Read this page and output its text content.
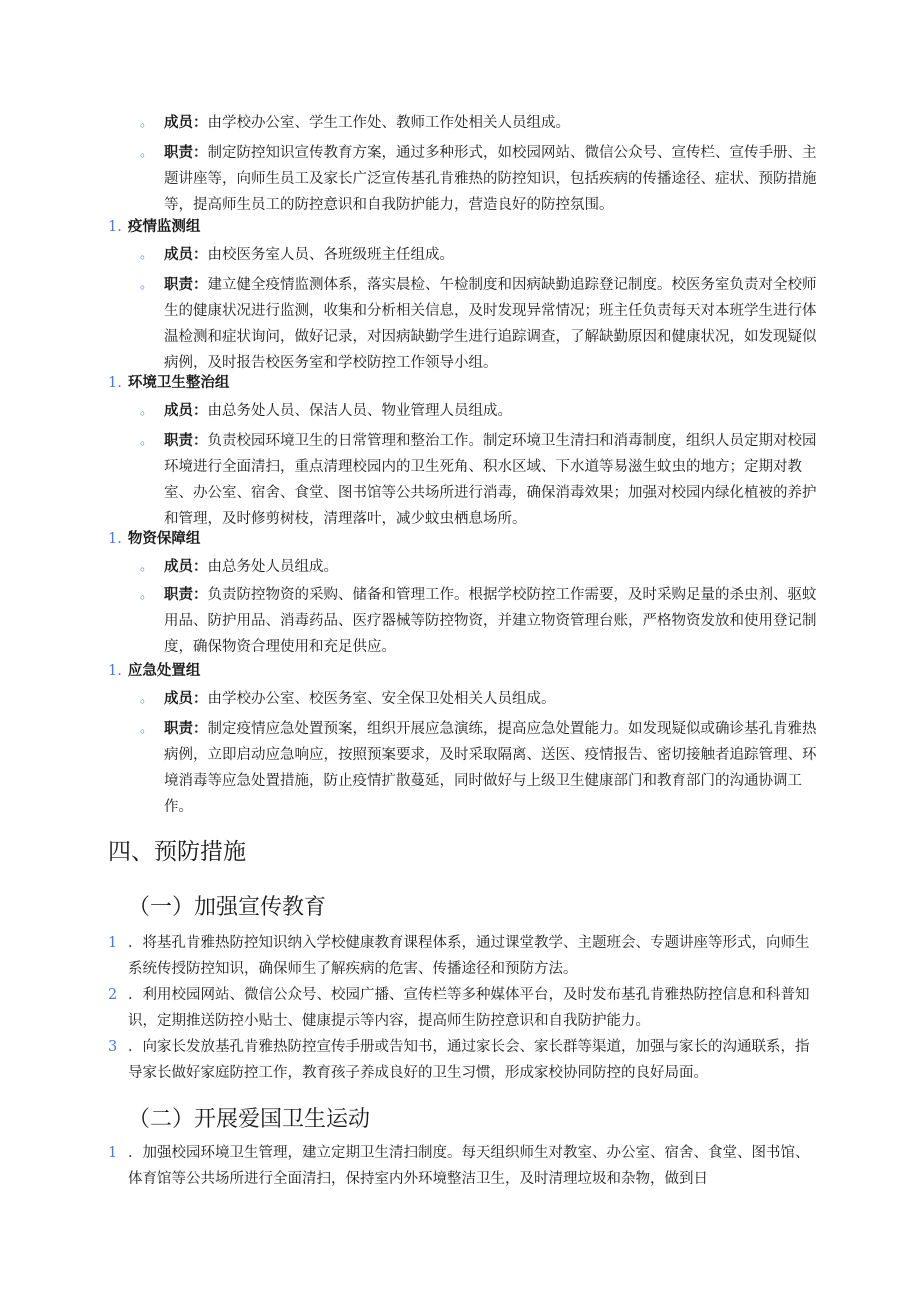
。 成员：由学校办公室、学生工作处、教师工作处相关人员组成。
。 职责：制定防控知识宣传教育方案，通过多种形式，如校园网站、微信公众号、宣传栏、宣传手册、主题讲座等，向师生员工及家长广泛宣传基孔肯雅热的防控知识，包括疾病的传播途径、症状、预防措施等，提高师生员工的防控意识和自我防护能力，营造良好的防控氛围。
1. 疫情监测组
。 成员：由校医务室人员、各班级班主任组成。
。 职责：建立健全疫情监测体系，落实晨检、午检制度和因病缺勤追踪登记制度。校医务室负责对全校师生的健康状况进行监测，收集和分析相关信息，及时发现异常情况；班主任负责每天对本班学生进行体温检测和症状询问，做好记录，对因病缺勤学生进行追踪调查，了解缺勤原因和健康状况，如发现疑似病例，及时报告校医务室和学校防控工作领导小组。
1. 环境卫生整治组
。 成员：由总务处人员、保洁人员、物业管理人员组成。
。 职责：负责校园环境卫生的日常管理和整治工作。制定环境卫生清扫和消毒制度，组织人员定期对校园环境进行全面清扫，重点清理校园内的卫生死角、积水区域、下水道等易滋生蚊虫的地方；定期对教室、办公室、宿舍、食堂、图书馆等公共场所进行消毒，确保消毒效果；加强对校园内绿化植被的养护和管理，及时修剪树枝，清理落叶，减少蚊虫栖息场所。
1. 物资保障组
。 成员：由总务处人员组成。
。 职责：负责防控物资的采购、储备和管理工作。根据学校防控工作需要，及时采购足量的杀虫剂、驱蚊用品、防护用品、消毒药品、医疗器械等防控物资，并建立物资管理台账，严格物资发放和使用登记制度，确保物资合理使用和充足供应。
1. 应急处置组
。 成员：由学校办公室、校医务室、安全保卫处相关人员组成。
。 职责：制定疫情应急处置预案，组织开展应急演练，提高应急处置能力。如发现疑似或确诊基孔肯雅热病例，立即启动应急响应，按照预案要求，及时采取隔离、送医、疫情报告、密切接触者追踪管理、环境消毒等应急处置措施，防止疫情扩散蔓延，同时做好与上级卫生健康部门和教育部门的沟通协调工作。
四、预防措施
（一）加强宣传教育
1 ．将基孔肯雅热防控知识纳入学校健康教育课程体系，通过课堂教学、主题班会、专题讲座等形式，向师生系统传授防控知识，确保师生了解疾病的危害、传播途径和预防方法。
2 ．利用校园网站、微信公众号、校园广播、宣传栏等多种媒体平台，及时发布基孔肯雅热防控信息和科普知识，定期推送防控小贴士、健康提示等内容，提高师生防控意识和自我防护能力。
3 ．向家长发放基孔肯雅热防控宣传手册或告知书，通过家长会、家长群等渠道，加强与家长的沟通联系，指导家长做好家庭防控工作，教育孩子养成良好的卫生习惯，形成家校协同防控的良好局面。
（二）开展爱国卫生运动
1 ．加强校园环境卫生管理，建立定期卫生清扫制度。每天组织师生对教室、办公室、宿舍、食堂、图书馆、体育馆等公共场所进行全面清扫，保持室内外环境整洁卫生，及时清理垃圾和杂物，做到日
